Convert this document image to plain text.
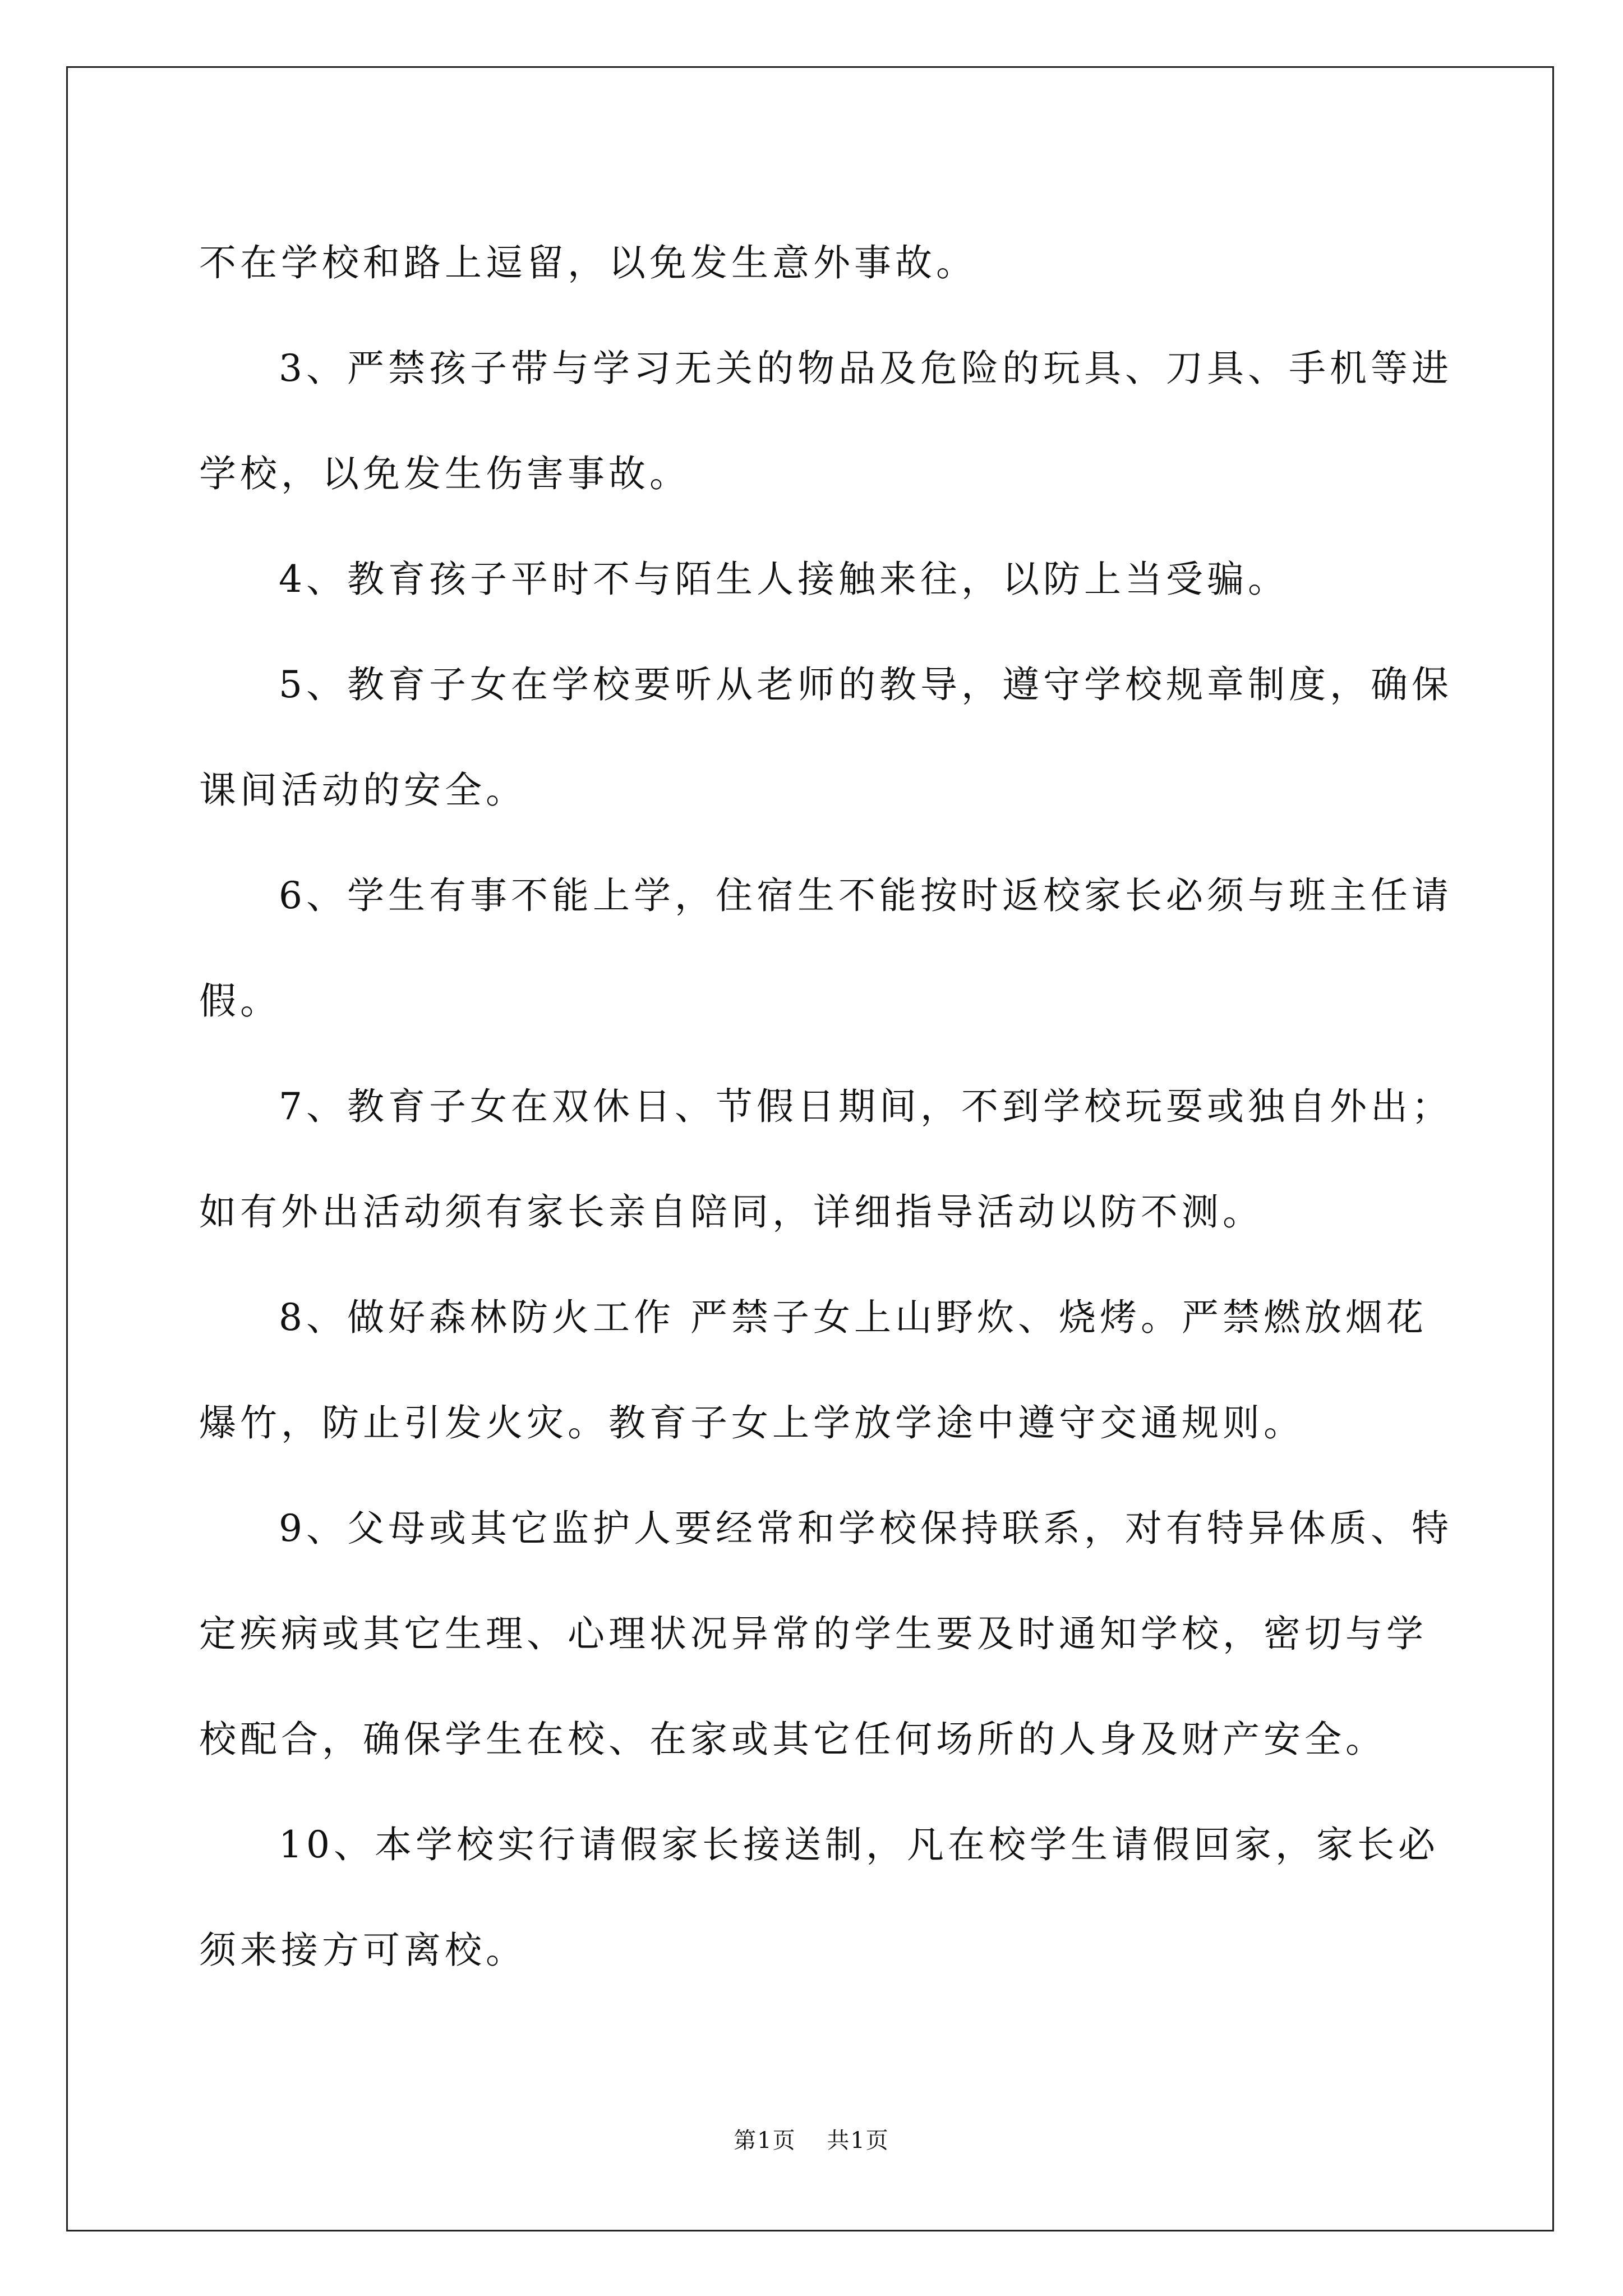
不在学校和路上逗留，以免发生意外事故。

3、严禁孩子带与学习无关的物品及危险的玩具、刀具、手机等进

学校，以免发生伤害事故。

4、教育孩子平时不与陌生人接触来往，以防上当受骗。

5、教育子女在学校要听从老师的教导，遵守学校规章制度，确保

课间活动的安全。

6、学生有事不能上学，住宿生不能按时返校家长必须与班主任请

假。

7、教育子女在双休日、节假日期间，不到学校玩耍或独自外出；

如有外出活动须有家长亲自陪同，详细指导活动以防不测。

8、做好森林防火工作 严禁子女上山野炊、烧烤。严禁燃放烟花

爆竹，防止引发火灾。教育子女上学放学途中遵守交通规则。

9、父母或其它监护人要经常和学校保持联系，对有特异体质、特

定疾病或其它生理、心理状况异常的学生要及时通知学校，密切与学

校配合，确保学生在校、在家或其它任何场所的人身及财产安全。

10、本学校实行请假家长接送制，凡在校学生请假回家，家长必

须来接方可离校。

第1页 共1页
